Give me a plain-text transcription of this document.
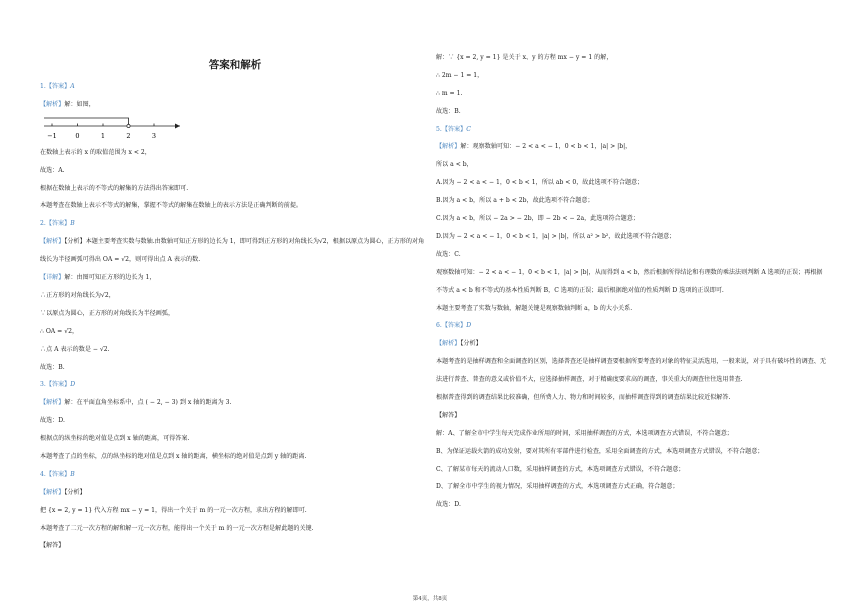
答案和解析
1.【答案】A
【解析】解：如图，
−1	0	1	2	3
在数轴上表示的 x 的取值范围为 x < 2，
故选：A.
根据在数轴上表示的不等式的解集的方法得出答案即可.
本题考查在数轴上表示不等式的解集，掌握不等式的解集在数轴上的表示方法是正确判断的前提。
2.【答案】B
【解析】【分析】本题主要考查实数与数轴.由数轴可知正方形的边长为 1，即可得到正方形的对角线长为√2，根据以原点为圆心，正方形的对角线长为半径画弧可得出 OA = √2，则可得出点 A 表示的数.
【详解】解：由图可知正方形的边长为 1，
∴正方形的对角线长为√2，
∵以原点为圆心，正方形的对角线长为半径画弧，
∴ OA = √2，
∴点 A 表示的数是 − √2.
故选：B.
3.【答案】D
【解析】解：在平面直角坐标系中，点 ( − 2, − 3) 到 x 轴的距离为 3.
故选：D.
根据点的纵坐标的绝对值是点到 x 轴的距离，可得答案.
本题考查了点的坐标，点的纵坐标的绝对值是点到 x 轴的距离，横坐标的绝对值是点到 y 轴的距离.
4.【答案】B
【解析】【分析】
把 {x = 2, y = 1} 代入方程 mx − y = 1，得出一个关于 m 的一元一次方程，求出方程的解即可.
本题考查了二元一次方程的解和解一元一次方程，能得出一个关于 m 的一元一次方程是解此题的关键.
【解答】
解：∵ {x = 2, y = 1} 是关于 x、y 的方程 mx − y = 1 的解，
∴ 2m − 1 = 1，
∴ m = 1.
故选：B.
5.【答案】C
【解析】解：观察数轴可知：− 2 < a < − 1，0 < b < 1，|a| > |b|，
所以 a < b，
A.因为 − 2 < a < − 1，0 < b < 1，所以 ab < 0，故此选项不符合题意；
B.因为 a < b，所以 a + b < 2b，故此选项不符合题意；
C.因为 a < b，所以 − 2a > − 2b，即 − 2b < − 2a，此选项符合题意；
D.因为 − 2 < a < − 1，0 < b < 1，|a| > |b|，所以 a² > b²，故此选项不符合题意；
故选：C.
观察数轴可知：− 2 < a < − 1，0 < b < 1，|a| > |b|，从而得到 a < b，然后根据所得结论和有理数的乘法法则判断 A 选项的正误；再根据不等式 a < b 和不等式的基本性质判断 B，C 选项的正误；最后根据绝对值的性质判断 D 选项的正误即可.
本题主要考查了实数与数轴，解题关键是观察数轴判断 a，b 的大小关系.
6.【答案】D
【解析】【分析】
本题考查的是抽样调查和全面调查的区别，选择普查还是抽样调查要根据所要考查的对象的特征灵活选用，一般来说，对于具有破坏性的调查、无法进行普查、普查的意义或价值不大，应选择抽样调查，对于精确度要求高的调查，事关重大的调查往往选用普查.
根据普查得到的调查结果比较准确，但所费人力、物力和时间较多，而抽样调查得到的调查结果比较近似解答.
【解答】
解：A、了解全市中学生每天完成作业所用的时间，采用抽样调查的方式，本选项调查方式错误，不符合题意；
B、为保证运载火箭的成功发射，要对其所有零部件进行检查，采用全面调查的方式，本选项调查方式错误，不符合题意；
C、了解某市每天的流动人口数，采用抽样调查的方式，本选项调查方式错误，不符合题意；
D、了解全市中学生的视力情况，采用抽样调查的方式，本选项调查方式正确，符合题意；
故选：D.
第4页，共8页
